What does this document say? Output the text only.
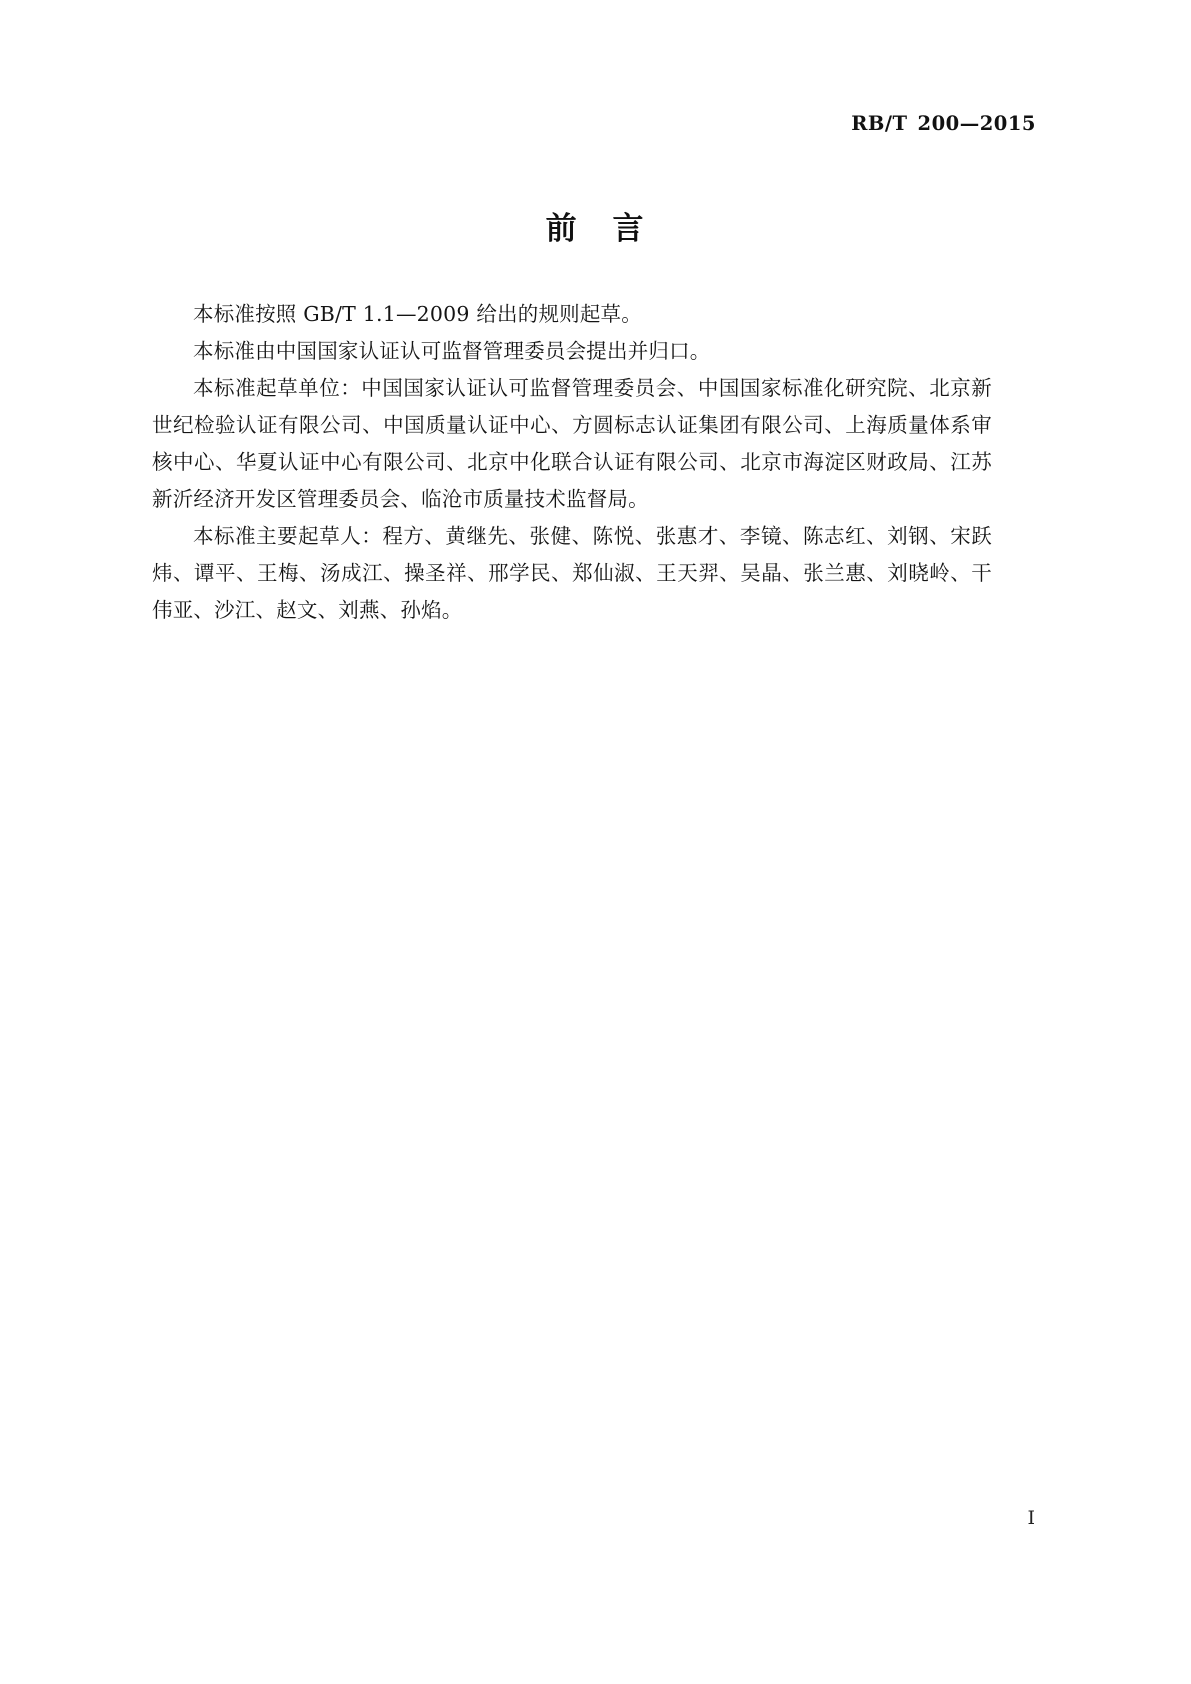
RB/T 200—2015
前 言

本标准按照 GB/T 1.1—2009 给出的规则起草。

本标准由中国国家认证认可监督管理委员会提出并归口。

本标准起草单位：中国国家认证认可监督管理委员会、中国国家标准化研究院、北京新世纪检验认证有限公司、中国质量认证中心、方圆标志认证集团有限公司、上海质量体系审核中心、华夏认证中心有限公司、北京中化联合认证有限公司、北京市海淀区财政局、江苏新沂经济开发区管理委员会、临沧市质量技术监督局。

本标准主要起草人：程方、黄继先、张健、陈悦、张惠才、李镜、陈志红、刘钢、宋跃炜、谭平、王梅、汤成江、操圣祥、邢学民、郑仙淑、王天羿、吴晶、张兰惠、刘晓岭、干伟亚、沙江、赵文、刘燕、孙焰。

I
